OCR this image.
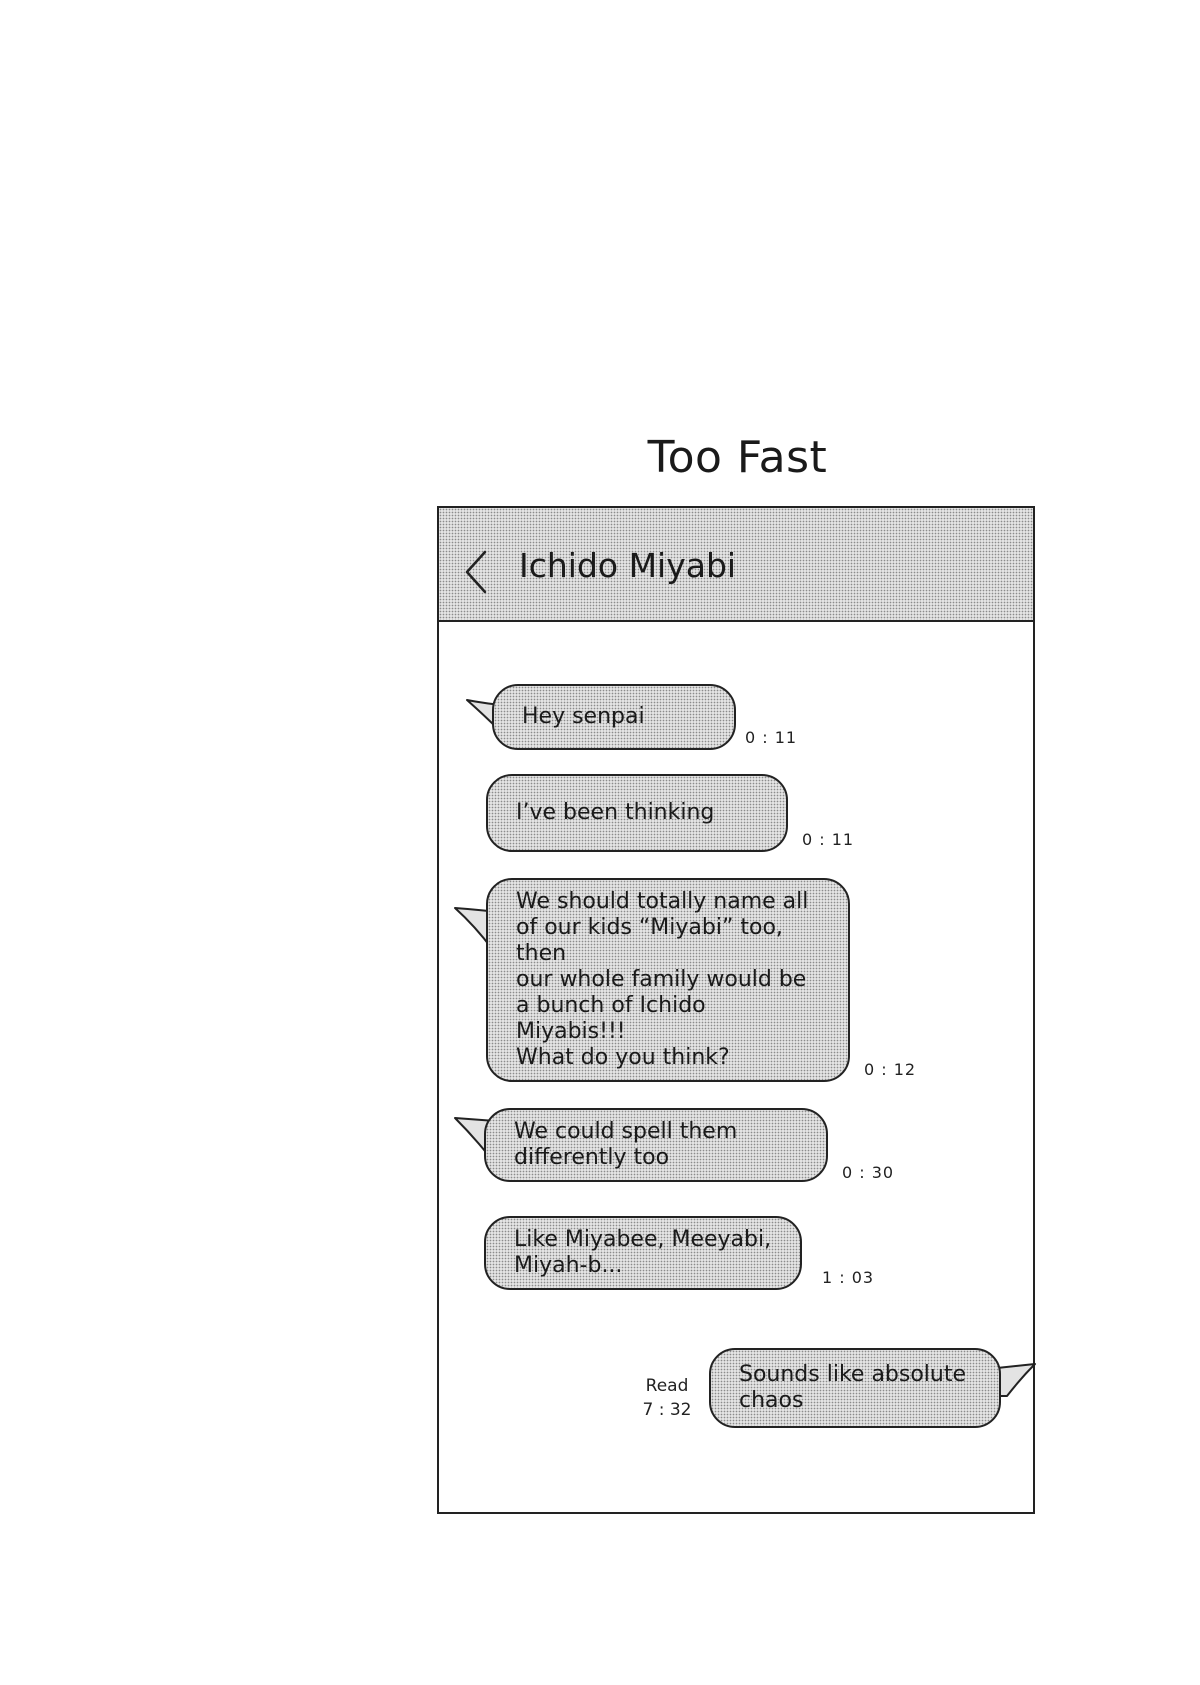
Too Fast
Ichido Miyabi
Hey senpai
0 : 11
I’ve been thinking
0 : 11
We should totally name all
of our kids “Miyabi” too, then
our whole family would be
a bunch of Ichido Miyabis!!!
What do you think?	0 : 12
We could spell them
differently too
0 : 30
Like Miyabee, Meeyabi,
Miyah-b...	1 : 03
Sounds like absolute
chaos
Read
7 : 32
